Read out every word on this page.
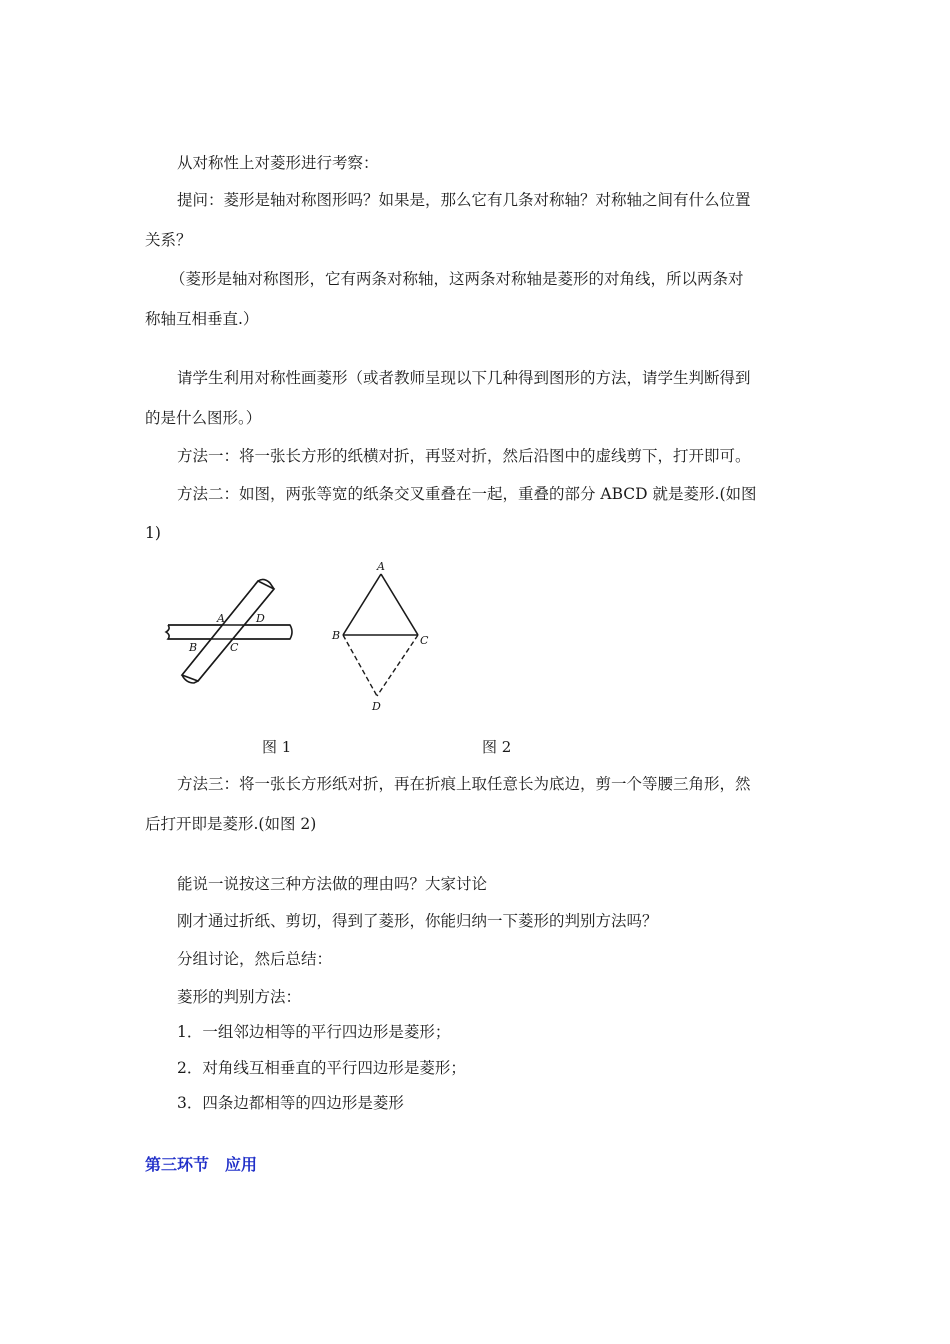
从对称性上对菱形进行考察：
提问：菱形是轴对称图形吗？如果是，那么它有几条对称轴？对称轴之间有什么位置
关系？
（菱形是轴对称图形，它有两条对称轴，这两条对称轴是菱形的对角线，所以两条对
称轴互相垂直.）
请学生利用对称性画菱形（或者教师呈现以下几种得到图形的方法，请学生判断得到
的是什么图形。）
方法一：将一张长方形的纸横对折，再竖对折，然后沿图中的虚线剪下，打开即可。
方法二：如图，两张等宽的纸条交叉重叠在一起，重叠的部分 ABCD 就是菱形.(如图
1)
A	D
B	C
A
B	C
D
图 1	图 2
方法三：将一张长方形纸对折，再在折痕上取任意长为底边，剪一个等腰三角形，然
后打开即是菱形.(如图 2)
能说一说按这三种方法做的理由吗？大家讨论
刚才通过折纸、剪切，得到了菱形，你能归纳一下菱形的判别方法吗？
分组讨论，然后总结：
菱形的判别方法：
1．一组邻边相等的平行四边形是菱形；
2．对角线互相垂直的平行四边形是菱形；
3．四条边都相等的四边形是菱形
第三环节　应用
